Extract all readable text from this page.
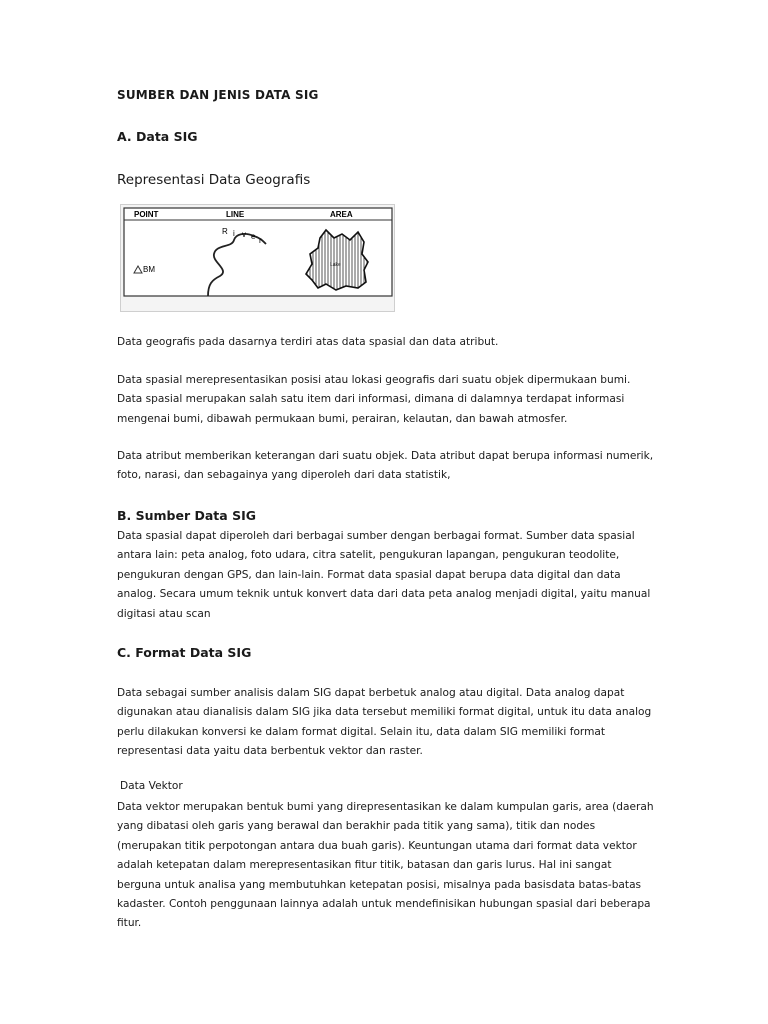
SUMBER DAN JENIS DATA SIG
A. Data SIG
Representasi Data Geografis
POINT	LINE	AREA
BM
R i v e r
Lake
Data geografis pada dasarnya terdiri atas data spasial dan data atribut.
Data spasial merepresentasikan posisi atau lokasi geografis dari suatu objek dipermukaan bumi. Data spasial merupakan salah satu item dari informasi, dimana di dalamnya terdapat informasi mengenai bumi, dibawah permukaan bumi, perairan, kelautan, dan bawah atmosfer.
Data atribut memberikan keterangan dari suatu objek. Data atribut dapat berupa informasi numerik, foto, narasi, dan sebagainya yang diperoleh dari data statistik,
B. Sumber Data SIG
Data spasial dapat diperoleh dari berbagai sumber dengan berbagai format. Sumber data spasial antara lain: peta analog, foto udara, citra satelit, pengukuran lapangan, pengukuran teodolite, pengukuran dengan GPS, dan lain-lain. Format data spasial dapat berupa data digital dan data analog. Secara umum teknik untuk konvert data dari data peta analog menjadi digital, yaitu manual digitasi atau scan
C. Format Data SIG
Data sebagai sumber analisis dalam SIG dapat berbetuk analog atau digital. Data analog dapat digunakan atau dianalisis dalam SIG jika data tersebut memiliki format digital, untuk itu data analog perlu dilakukan konversi ke dalam format digital. Selain itu, data dalam SIG memiliki format representasi data yaitu data berbentuk vektor dan raster.
Data Vektor
Data vektor merupakan bentuk bumi yang direpresentasikan ke dalam kumpulan garis, area (daerah yang dibatasi oleh garis yang berawal dan berakhir pada titik yang sama), titik dan nodes (merupakan titik perpotongan antara dua buah garis). Keuntungan utama dari format data vektor adalah ketepatan dalam merepresentasikan fitur titik, batasan dan garis lurus. Hal ini sangat berguna untuk analisa yang membutuhkan ketepatan posisi, misalnya pada basisdata batas-batas kadaster. Contoh penggunaan lainnya adalah untuk mendefinisikan hubungan spasial dari beberapa fitur.
